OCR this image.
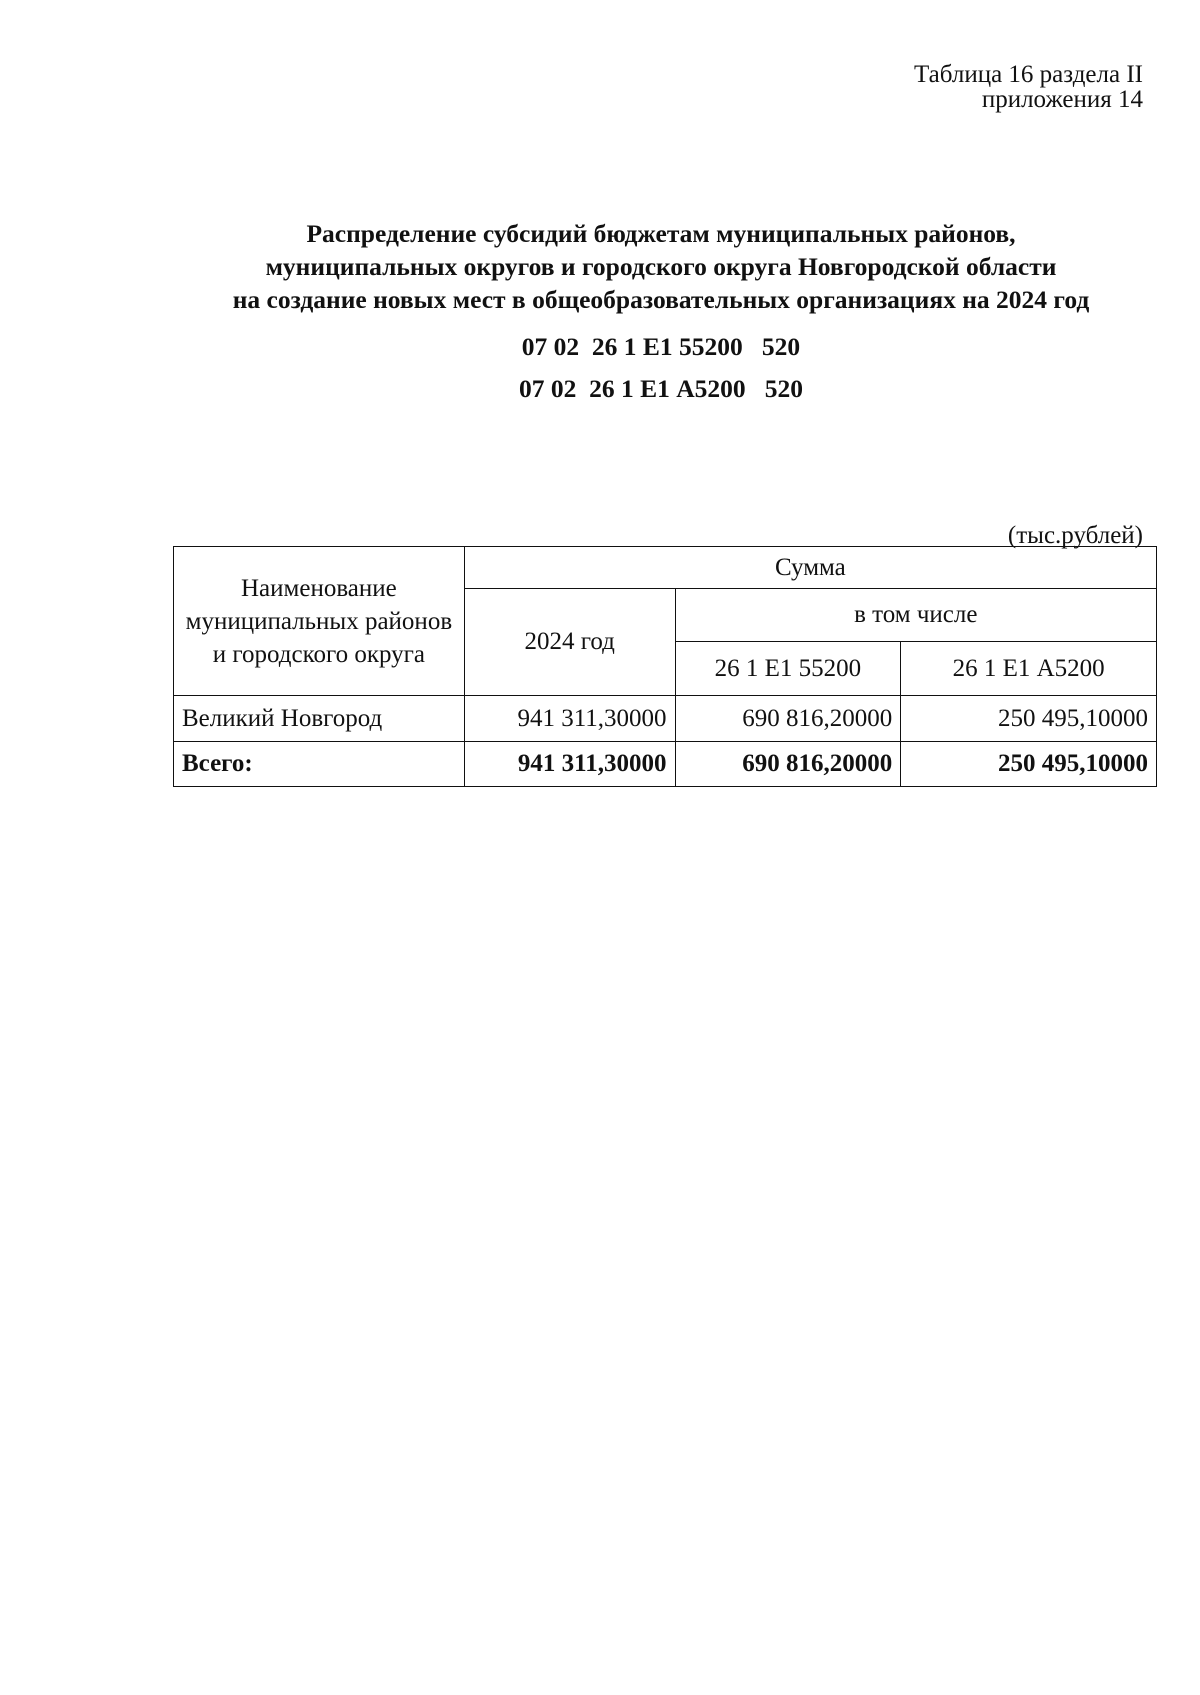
Таблица 16 раздела II
приложения 14
Распределение субсидий бюджетам муниципальных районов,
муниципальных округов и городского округа Новгородской области
на создание новых мест в общеобразовательных организациях на 2024 год
07 02  26 1 Е1 55200   520
07 02  26 1 Е1 А5200   520
(тыс.рублей)
Наименование муниципальных районов и городского округа	Сумма		
	2024 год	в том числе	
		26 1 Е1 55200	26 1 Е1 А5200
Великий Новгород	941 311,30000	690 816,20000	250 495,10000
Всего:	941 311,30000	690 816,20000	250 495,10000
